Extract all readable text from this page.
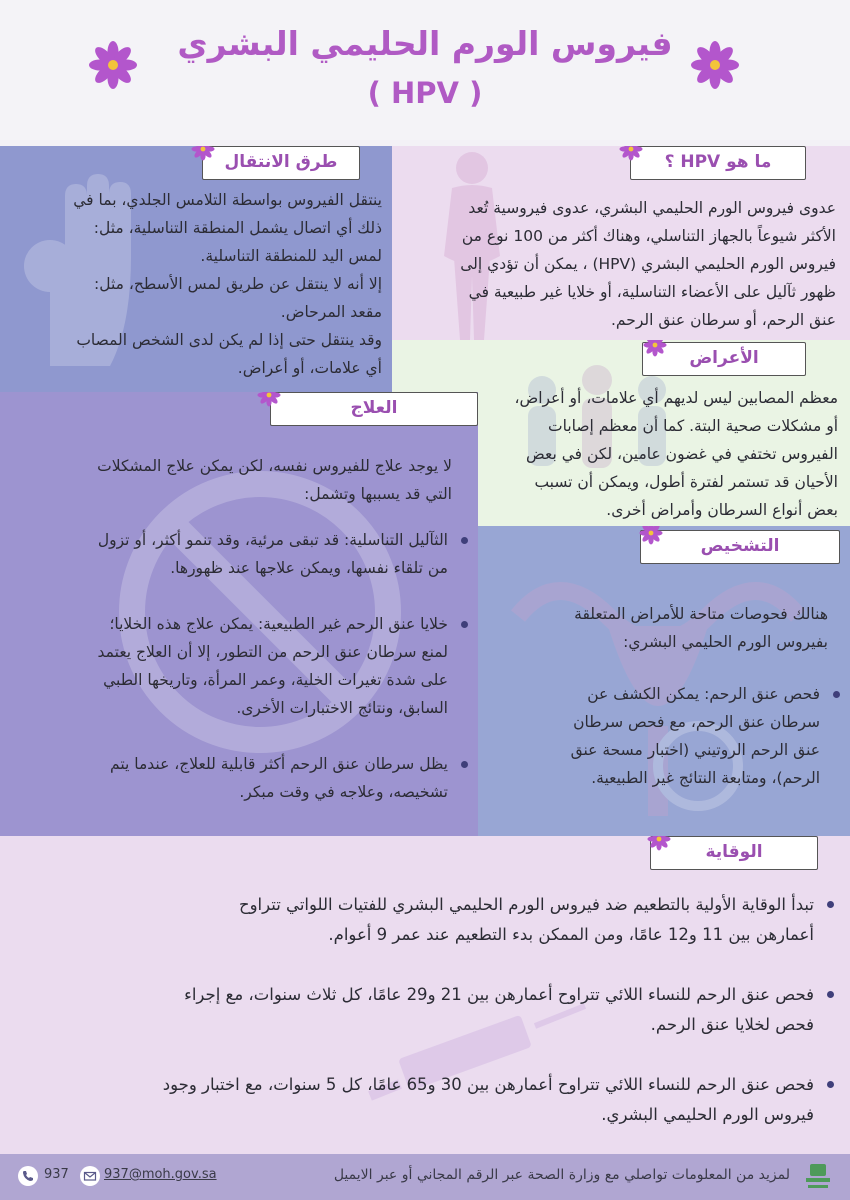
فيروس الورم الحليمي البشري
( HPV )
ما هو HPV ؟

عدوى فيروس الورم الحليمي البشري، عدوى فيروسية تُعد

الأكثر شيوعاً بالجهاز التناسلي، وهناك أكثر من 100 نوع من

فيروس الورم الحليمي البشري (HPV) ، يمكن أن تؤدي إلى

ظهور ثآليل على الأعضاء التناسلية، أو خلايا غير طبيعية في

عنق الرحم، أو سرطان عنق الرحم.

طرق الانتقال

ينتقل الفيروس بواسطة التلامس الجلدي، بما في

ذلك أي اتصال يشمل المنطقة التناسلية، مثل:

لمس اليد للمنطقة التناسلية.

إلا أنه لا ينتقل عن طريق لمس الأسطح، مثل:

مقعد المرحاض.

وقد ينتقل حتى إذا لم يكن لدى الشخص المصاب

أي علامات، أو أعراض.	الأعراض

معظم المصابين ليس لديهم أي علامات، أو أعراض،

أو مشكلات صحية البتة. كما أن معظم إصابات

الفيروس تختفي في غضون عامين، لكن في بعض

الأحيان قد تستمر لفترة أطول، ويمكن أن تسبب

بعض أنواع السرطان وأمراض أخرى.

العلاج

لا يوجد علاج للفيروس نفسه، لكن يمكن علاج المشكلات

التي قد يسببها وتشمل:

الثآليل التناسلية: قد تبقى مرئية، وقد تنمو أكثر، أو تزول

من تلقاء نفسها، ويمكن علاجها عند ظهورها.

خلايا عنق الرحم غير الطبيعية: يمكن علاج هذه الخلايا؛

لمنع سرطان عنق الرحم من التطور، إلا أن العلاج يعتمد

على شدة تغيرات الخلية، وعمر المرأة، وتاريخها الطبي

السابق، ونتائج الاختبارات الأخرى.

يظل سرطان عنق الرحم أكثر قابلية للعلاج، عندما يتم

تشخيصه، وعلاجه في وقت مبكر.

التشخيص

هنالك فحوصات متاحة للأمراض المتعلقة

بفيروس الورم الحليمي البشري:

فحص عنق الرحم: يمكن الكشف عن

سرطان عنق الرحم، مع فحص سرطان

عنق الرحم الروتيني (اختبار مسحة عنق

الرحم)، ومتابعة النتائج غير الطبيعية.

الوقاية

تبدأ الوقاية الأولية بالتطعيم ضد فيروس الورم الحليمي البشري للفتيات اللواتي تتراوح

أعمارهن بين 11 و12 عامًا، ومن الممكن بدء التطعيم عند عمر 9 أعوام.

فحص عنق الرحم للنساء اللائي تتراوح أعمارهن بين 21 و29 عامًا، كل ثلاث سنوات، مع إجراء

فحص لخلايا عنق الرحم.

فحص عنق الرحم للنساء اللائي تتراوح أعمارهن بين 30 و65 عامًا، كل 5 سنوات، مع اختبار وجود

فيروس الورم الحليمي البشري.

لمزيد من المعلومات تواصلي مع وزارة الصحة عبر الرقم المجاني أو عبر الايميل
937@moh.gov.sa
937
